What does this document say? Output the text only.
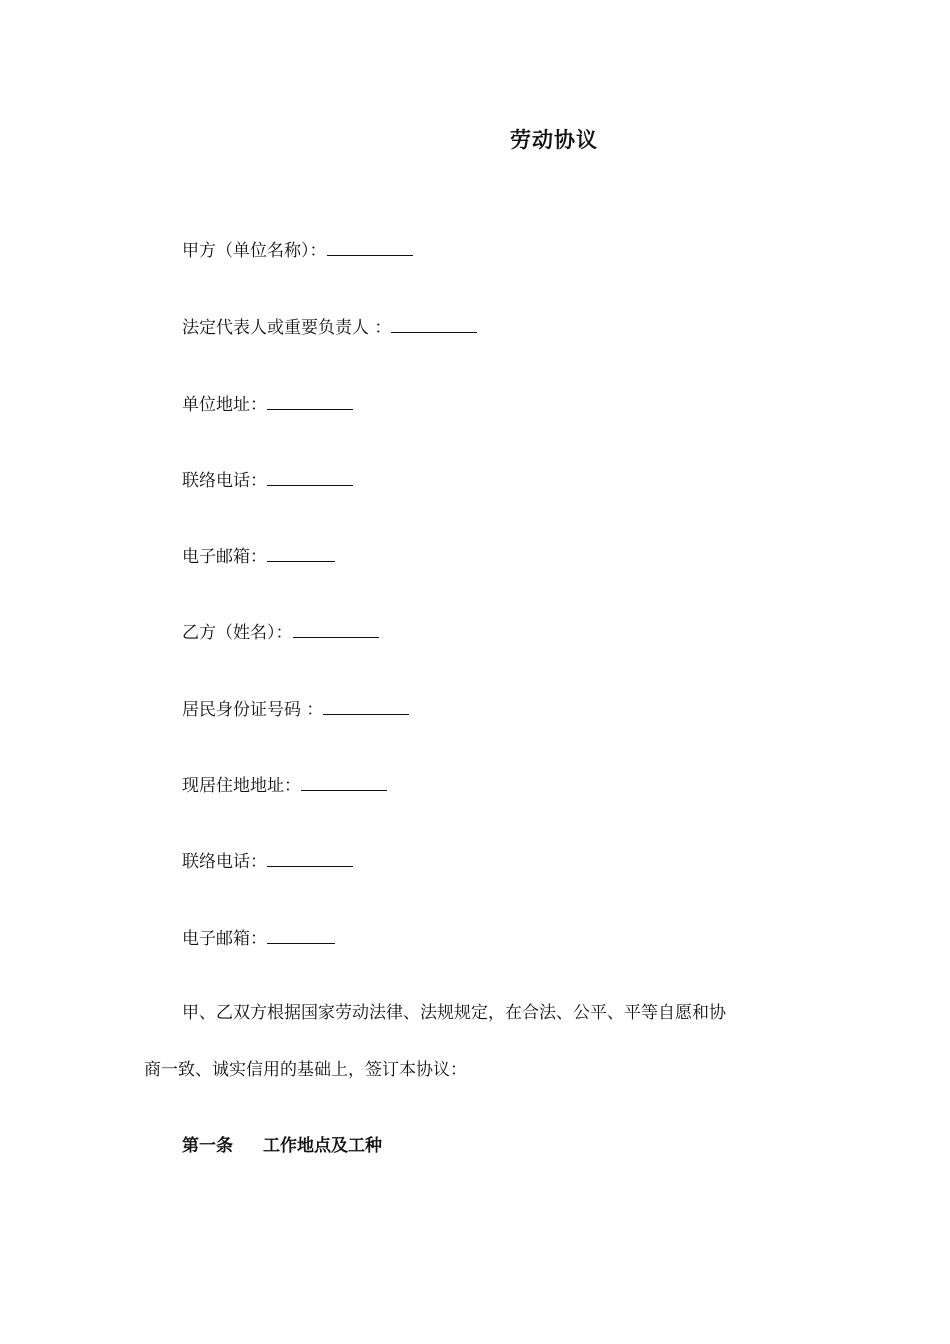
劳动协议
甲方（单位名称）：
法定代表人或重要负责人 ：
单位地址：
联络电话：
电子邮箱：
乙方（姓名）：
居民身份证号码 ：
现居住地地址：
联络电话：
电子邮箱：
甲、乙双方根据国家劳动法律、法规规定，在合法、公平、平等自愿和协
商一致、诚实信用的基础上，签订本协议：
第一条 工作地点及工种
